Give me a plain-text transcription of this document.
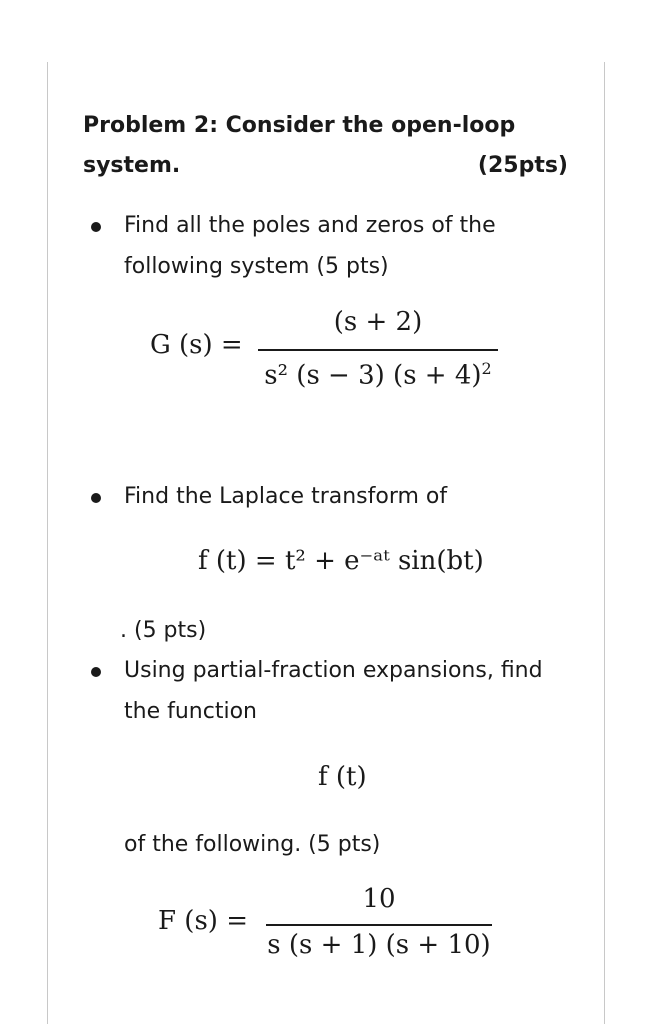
Problem 2: Consider the open-loop
system.	(25pts)
Find all the poles and zeros of the
following system (5 pts)
G (s) =
(s + 2)
s² (s − 3) $(s + 4)^2$
Find the Laplace transform of
f (t) = t² + e⁻ᵃᵗ sin(bt)
. (5 pts)
Using partial-fraction expansions, find
the function
f (t)
of the following. (5 pts)
F (s) =
10
s (s + 1) (s + 10)
